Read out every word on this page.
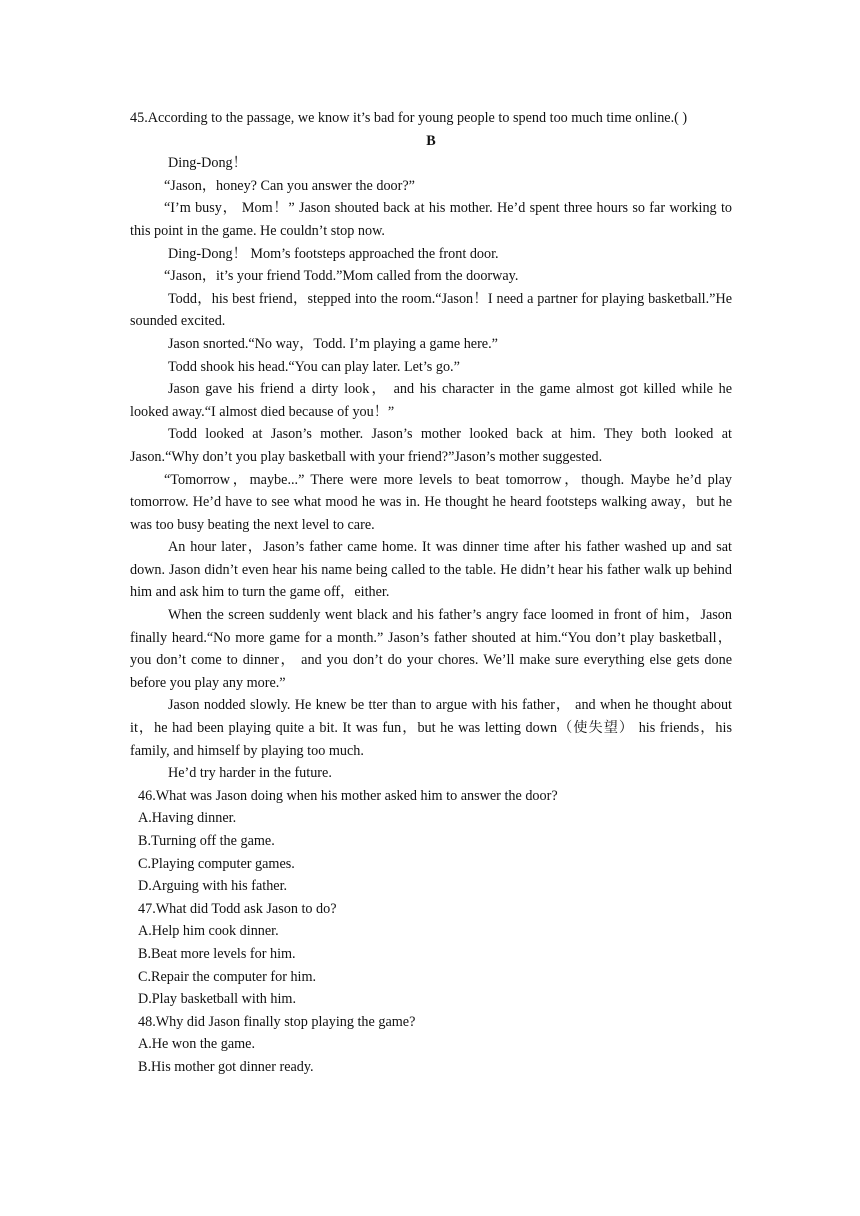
45.According to the passage, we know it’s bad for young people to spend too much time online.( )

B

Ding-Dong！

“Jason，honey? Can you answer the door?”

“I’m busy， Mom！” Jason shouted back at his mother. He’d spent three hours so far working to this point in the game. He couldn’t stop now.

Ding-Dong！ Mom’s footsteps approached the front door.

“Jason，it’s your friend Todd.”Mom called from the doorway.

Todd，his best friend，stepped into the room.“Jason！I need a partner for playing basketball.”He sounded excited.

Jason snorted.“No way，Todd. I’m playing a game here.”

Todd shook his head.“You can play later. Let’s go.”

Jason gave his friend a dirty look， and his character in the game almost got killed while he looked away.“I almost died because of you！”

Todd looked at Jason’s mother. Jason’s mother looked back at him. They both looked at Jason.“Why don’t you play basketball with your friend?”Jason’s mother suggested.

“Tomorrow，maybe...” There were more levels to beat tomorrow，though. Maybe he’d play tomorrow. He’d have to see what mood he was in. He thought he heard footsteps walking away，but he was too busy beating the next level to care.

An hour later，Jason’s father came home. It was dinner time after his father washed up and sat down. Jason didn’t even hear his name being called to the table. He didn’t hear his father walk up behind him and ask him to turn the game off，either.

When the screen suddenly went black and his father’s angry face loomed in front of him，Jason finally heard.“No more game for a month.” Jason’s father shouted at him.“You don’t play basketball， you don’t come to dinner， and you don’t do your chores. We’ll make sure everything else gets done before you play any more.”

Jason nodded slowly. He knew be tter than to argue with his father， and when he thought about it，he had been playing quite a bit. It was fun，but he was letting down（使失望） his friends，his family, and himself by playing too much.

He’d try harder in the future.

46.What was Jason doing when his mother asked him to answer the door?

A.Having dinner.

B.Turning off the game.

C.Playing computer games.

D.Arguing with his father.

47.What did Todd ask Jason to do?

A.Help him cook dinner.

B.Beat more levels for him.

C.Repair the computer for him.

D.Play basketball with him.

48.Why did Jason finally stop playing the game?

A.He won the game.

B.His mother got dinner ready.
